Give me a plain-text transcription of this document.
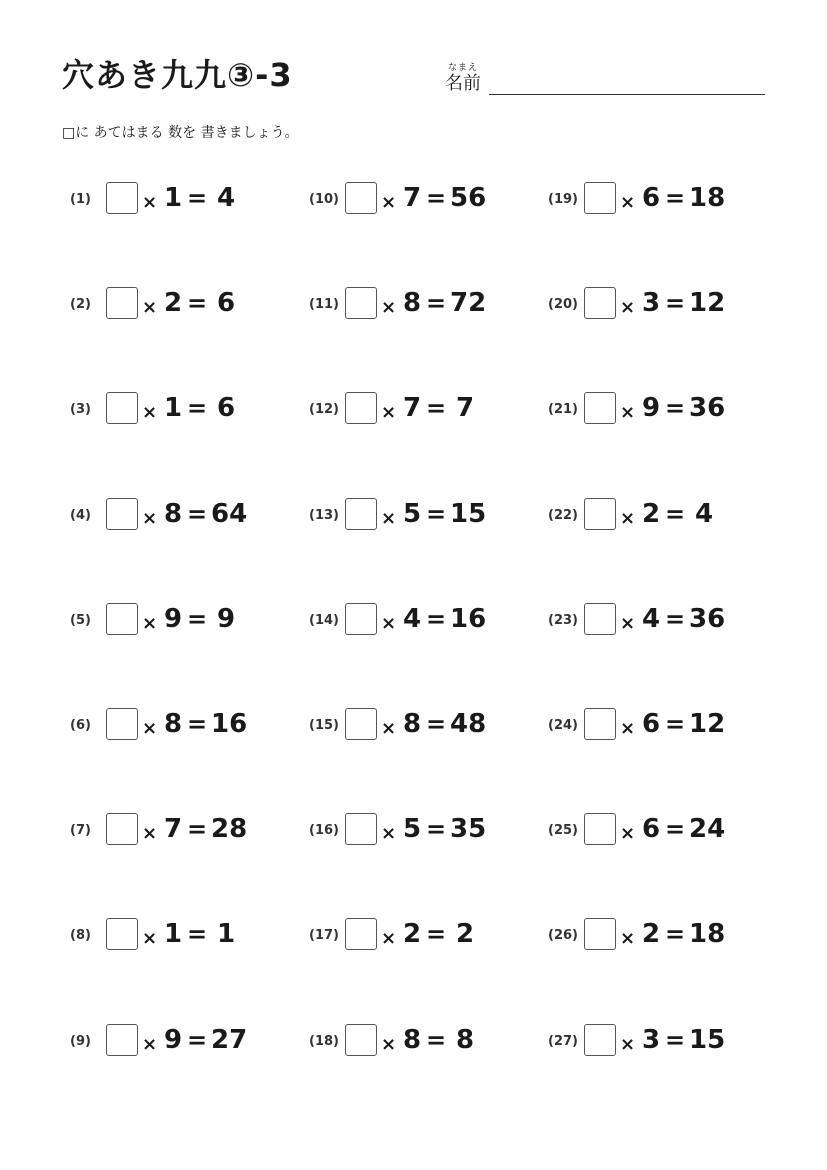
穴あき九九③-3	なまえ
名前
□に あてはまる 数を 書きましょう。
(1)	× 1 = 4
(2)	× 2 = 6
(3)	× 1 = 6
(4)	× 8 = 64
(5)	× 9 = 9
(6)	× 8 = 16
(7)	× 7 = 28
(8)	× 1 = 1
(9)	× 9 = 27
(10) × 7 = 56
(11) × 8 = 72
(12) × 7 = 7
(13) × 5 = 15
(14) × 4 = 16
(15) × 8 = 48
(16) × 5 = 35
(17) × 2 = 2
(18) × 8 = 8
(19) × 6 = 18
(20) × 3 = 12
(21) × 9 = 36
(22) × 2 = 4
(23) × 4 = 36
(24) × 6 = 12
(25) × 6 = 24
(26) × 2 = 18
(27) × 3 = 15
